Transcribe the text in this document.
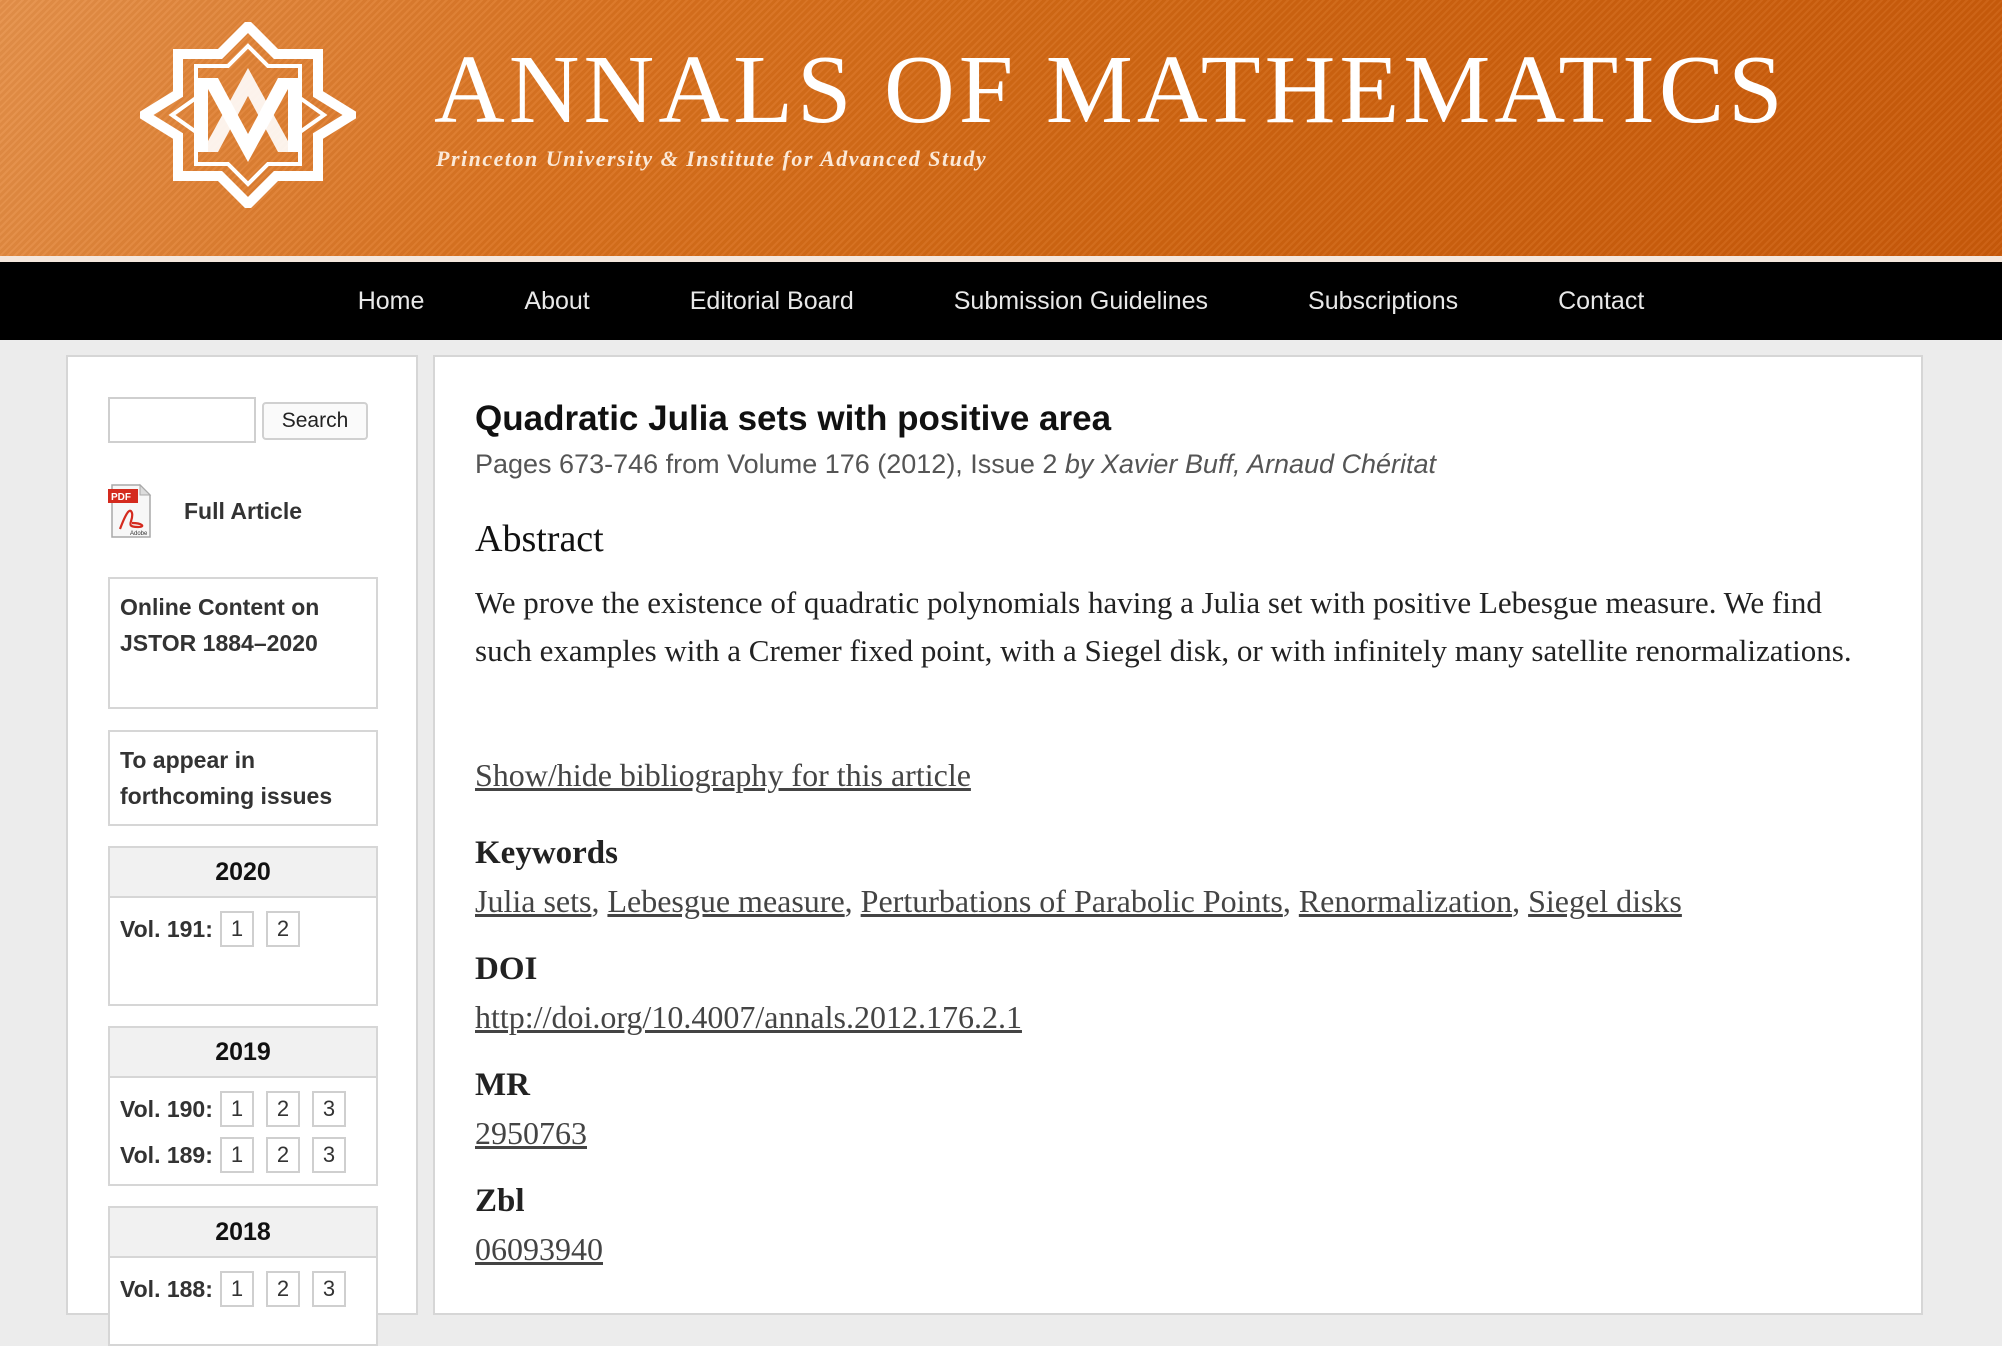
ANNALS OF MATHEMATICS
Princeton University & Institute for Advanced Study
Home	About	Editorial Board	Submission Guidelines	Subscriptions	Contact
Search
PDF
Adobe
Full Article
Online Content on JSTOR 1884–2020
To appear in forthcoming issues
2020
Vol. 191: 1	2
2019
Vol. 190: 1	2	3
Vol. 189: 1	2	3
2018
Vol. 188: 1	2	3
Quadratic Julia sets with positive area
Pages 673-746 from Volume 176 (2012), Issue 2 by Xavier Buff, Arnaud Chéritat
Abstract

We prove the existence of quadratic polynomials having a Julia set with positive Lebesgue measure. We find such examples with a Cremer fixed point, with a Siegel disk, or with infinitely many satellite renormalizations.

Show/hide bibliography for this article
Keywords
Julia sets, Lebesgue measure, Perturbations of Parabolic Points, Renormalization, Siegel disks
DOI
http://doi.org/10.4007/annals.2012.176.2.1
MR
2950763
Zbl
06093940
